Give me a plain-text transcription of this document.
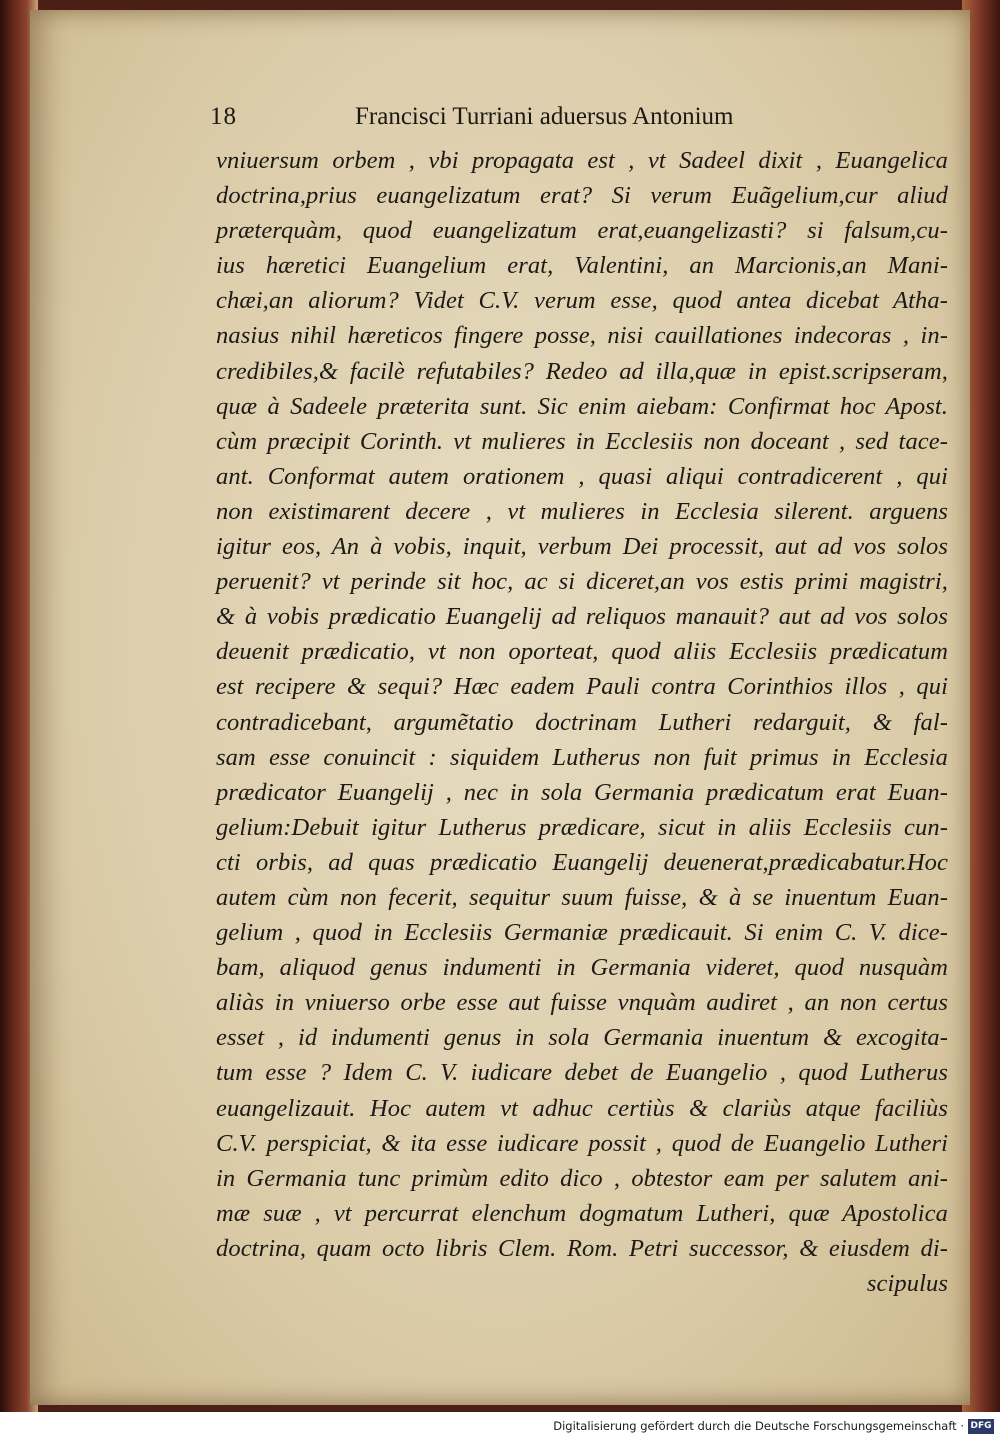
18	Francisci Turriani aduersus Antonium
vniuersum orbem , vbi propagata est , vt Sadeel dixit , Euangelica
doctrina,prius euangelizatum erat? Si verum Euãgelium,cur aliud
præterquàm, quod euangelizatum erat,euangelizasti? si falsum,cu-
ius hæretici Euangelium erat, Valentini, an Marcionis,an Mani-
chæi,an aliorum? Videt C.V. verum esse, quod antea dicebat Atha-
nasius nihil hæreticos fingere posse, nisi cauillationes indecoras , in-
credibiles,& facilè refutabiles? Redeo ad illa,quæ in epist.scripseram,
quæ à Sadeele præterita sunt. Sic enim aiebam: Confirmat hoc Apost.
cùm præcipit Corinth. vt mulieres in Ecclesiis non doceant , sed tace-
ant. Conformat autem orationem , quasi aliqui contradicerent , qui
non existimarent decere , vt mulieres in Ecclesia silerent. arguens
igitur eos, An à vobis, inquit, verbum Dei processit, aut ad vos solos
peruenit? vt perinde sit hoc, ac si diceret,an vos estis primi magistri,
& à vobis prædicatio Euangelij ad reliquos manauit? aut ad vos solos
deuenit prædicatio, vt non oporteat, quod aliis Ecclesiis prædicatum
est recipere & sequi? Hæc eadem Pauli contra Corinthios illos , qui
contradicebant, argumẽtatio doctrinam Lutheri redarguit, & fal-
sam esse conuincit : siquidem Lutherus non fuit primus in Ecclesia
prædicator Euangelij , nec in sola Germania prædicatum erat Euan-
gelium:Debuit igitur Lutherus prædicare, sicut in aliis Ecclesiis cun-
cti orbis, ad quas prædicatio Euangelij deuenerat,prædicabatur.Hoc
autem cùm non fecerit, sequitur suum fuisse, & à se inuentum Euan-
gelium , quod in Ecclesiis Germaniæ prædicauit. Si enim C. V. dice-
bam, aliquod genus indumenti in Germania videret, quod nusquàm
aliàs in vniuerso orbe esse aut fuisse vnquàm audiret , an non certus
esset , id indumenti genus in sola Germania inuentum & excogita-
tum esse ? Idem C. V. iudicare debet de Euangelio , quod Lutherus
euangelizauit. Hoc autem vt adhuc certiùs & clariùs atque faciliùs
C.V. perspiciat, & ita esse iudicare possit , quod de Euangelio Lutheri
in Germania tunc primùm edito dico , obtestor eam per salutem ani-
mæ suæ , vt percurrat elenchum dogmatum Lutheri, quæ Apostolica
doctrina, quam octo libris Clem. Rom. Petri successor, & eiusdem di-
scipulus
Digitalisierung gefördert durch die Deutsche Forschungsgemeinschaft · DFG
